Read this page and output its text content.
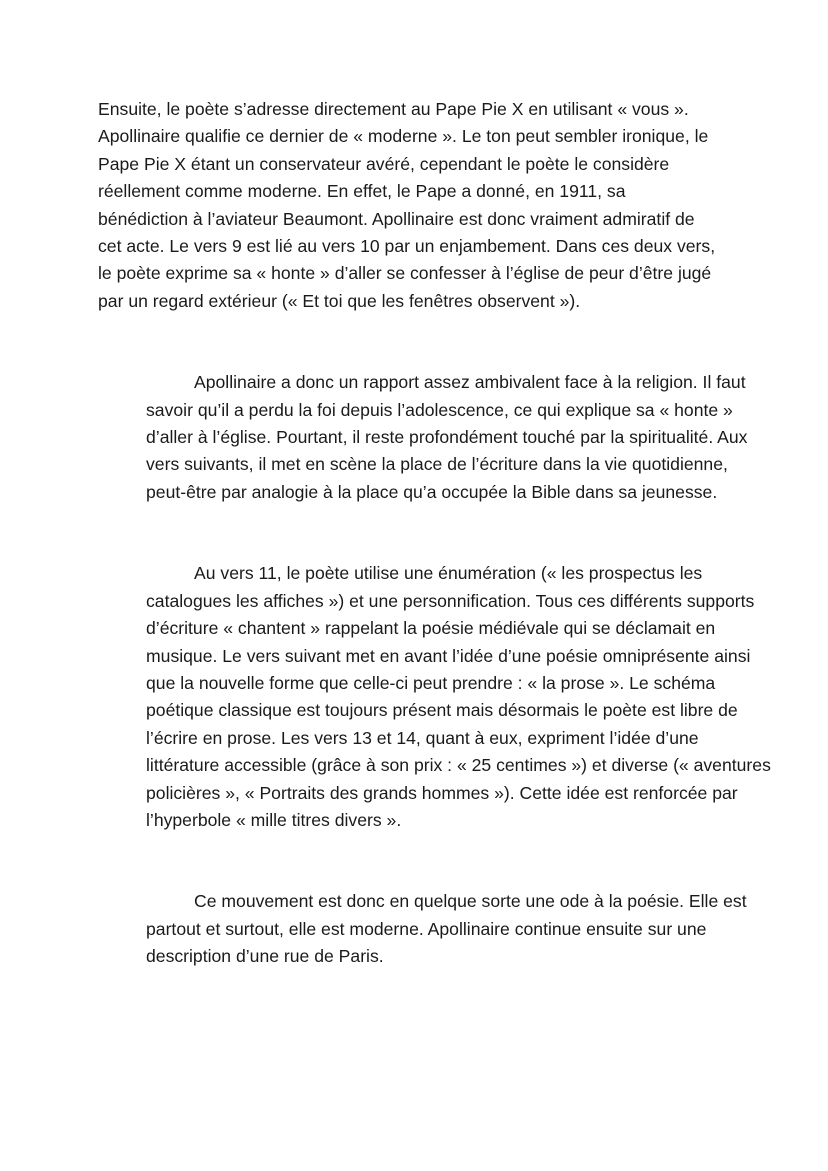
Ensuite, le poète s’adresse directement au Pape Pie X en utilisant « vous ».
Apollinaire qualifie ce dernier de « moderne ». Le ton peut sembler ironique, le
Pape Pie X étant un conservateur avéré, cependant le poète le considère
réellement comme moderne. En effet, le Pape a donné, en 1911, sa
bénédiction à l’aviateur Beaumont. Apollinaire est donc vraiment admiratif de
cet acte. Le vers 9 est lié au vers 10 par un enjambement. Dans ces deux vers,
le poète exprime sa « honte » d’aller se confesser à l’église de peur d’être jugé
par un regard extérieur (« Et toi que les fenêtres observent »).

Apollinaire a donc un rapport assez ambivalent face à la religion. Il faut
savoir qu’il a perdu la foi depuis l’adolescence, ce qui explique sa « honte »
d’aller à l’église. Pourtant, il reste profondément touché par la spiritualité. Aux
vers suivants, il met en scène la place de l’écriture dans la vie quotidienne,
peut-être par analogie à la place qu’a occupée la Bible dans sa jeunesse.

Au vers 11, le poète utilise une énumération (« les prospectus les
catalogues les affiches ») et une personnification. Tous ces différents supports
d’écriture « chantent » rappelant la poésie médiévale qui se déclamait en
musique. Le vers suivant met en avant l’idée d’une poésie omniprésente ainsi
que la nouvelle forme que celle-ci peut prendre : « la prose ». Le schéma
poétique classique est toujours présent mais désormais le poète est libre de
l’écrire en prose. Les vers 13 et 14, quant à eux, expriment l’idée d’une
littérature accessible (grâce à son prix : « 25 centimes ») et diverse (« aventures
policières », « Portraits des grands hommes »). Cette idée est renforcée par
l’hyperbole « mille titres divers ».

Ce mouvement est donc en quelque sorte une ode à la poésie. Elle est
partout et surtout, elle est moderne. Apollinaire continue ensuite sur une
description d’une rue de Paris.
